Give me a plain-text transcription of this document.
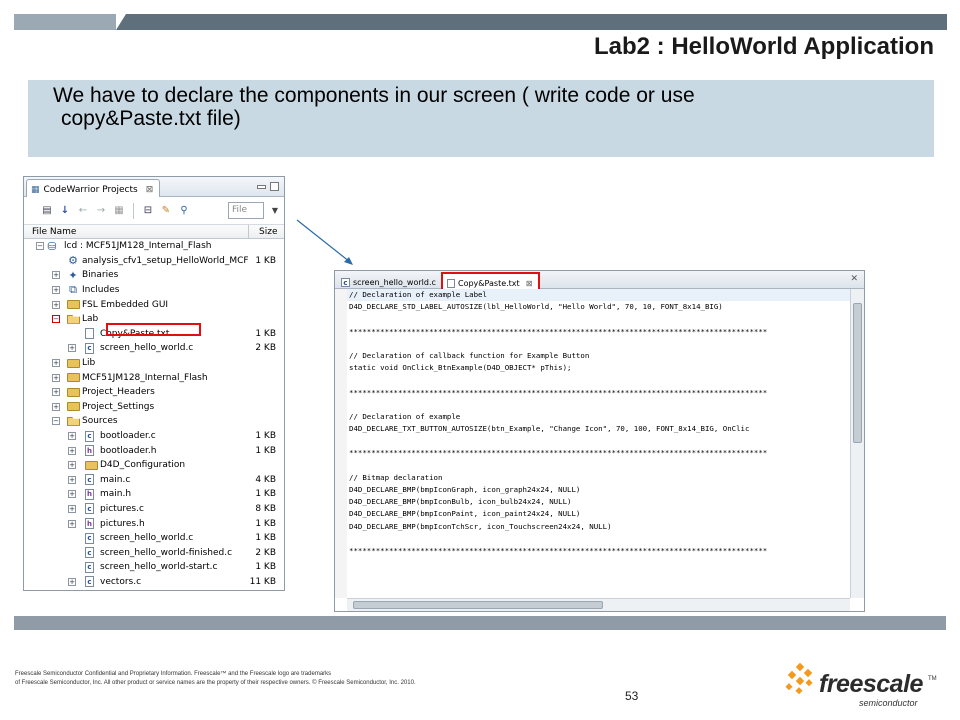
Lab2 : HelloWorld Application
We have to declare the components in our screen ( write code or use
copy&Paste.txt file)
▦ CodeWarrior Projects ⊠
▤ ↓ ← → ▦ ⊟ ✎	⚲	File	▼
File Name	Size
− ⛁ lcd : MCF51JM128_Internal_Flash
⚙ analysis_cfv1_setup_HelloWorld_MCF 1 KB
+ ✦ Binaries
+ ⧉ Includes
+	FSL Embedded GUI
−	Lab
Copy&Paste.txt	1 KB
+	c screen_hello_world.c	2 KB
+	Lib
+	MCF51JM128_Internal_Flash
+	Project_Headers
+	Project_Settings
−	Sources
+	c bootloader.c	1 KB
+ h bootloader.h	1 KB
+	D4D_Configuration
+	c main.c	4 KB
+ h main.h	1 KB
+	c pictures.c	8 KB
+ h pictures.h	1 KB
c screen_hello_world.c	1 KB
c screen_hello_world-finished.c	2 KB
c screen_hello_world-start.c	1 KB
+	c vectors.c	11 KB
c screen_hello_world.c	Copy&Paste.txt ⊠	✕
// Declaration of example Label
D4D_DECLARE_STD_LABEL_AUTOSIZE(lbl_HelloWorld, "Hello World", 70, 10, FONT_8x14_BIG)
**********************************************************************************************
// Declaration of callback function for Example Button
static void OnClick_BtnExample(D4D_OBJECT* pThis);
**********************************************************************************************
// Declaration of example
D4D_DECLARE_TXT_BUTTON_AUTOSIZE(btn_Example, "Change Icon", 70, 100, FONT_8x14_BIG, OnClic
**********************************************************************************************
// Bitmap declaration
D4D_DECLARE_BMP(bmpIconGraph, icon_graph24x24, NULL)
D4D_DECLARE_BMP(bmpIconBulb, icon_bulb24x24, NULL)
D4D_DECLARE_BMP(bmpIconPaint, icon_paint24x24, NULL)
D4D_DECLARE_BMP(bmpIconTchScr, icon_Touchscreen24x24, NULL)
**********************************************************************************************
Freescale Semiconductor Confidential and Proprietary Information. Freescale™ and the Freescale logo are trademarks
of Freescale Semiconductor, Inc. All other product or service names are the property of their respective owners. © Freescale Semiconductor, Inc. 2010.
53	freescale TM
semiconductor
